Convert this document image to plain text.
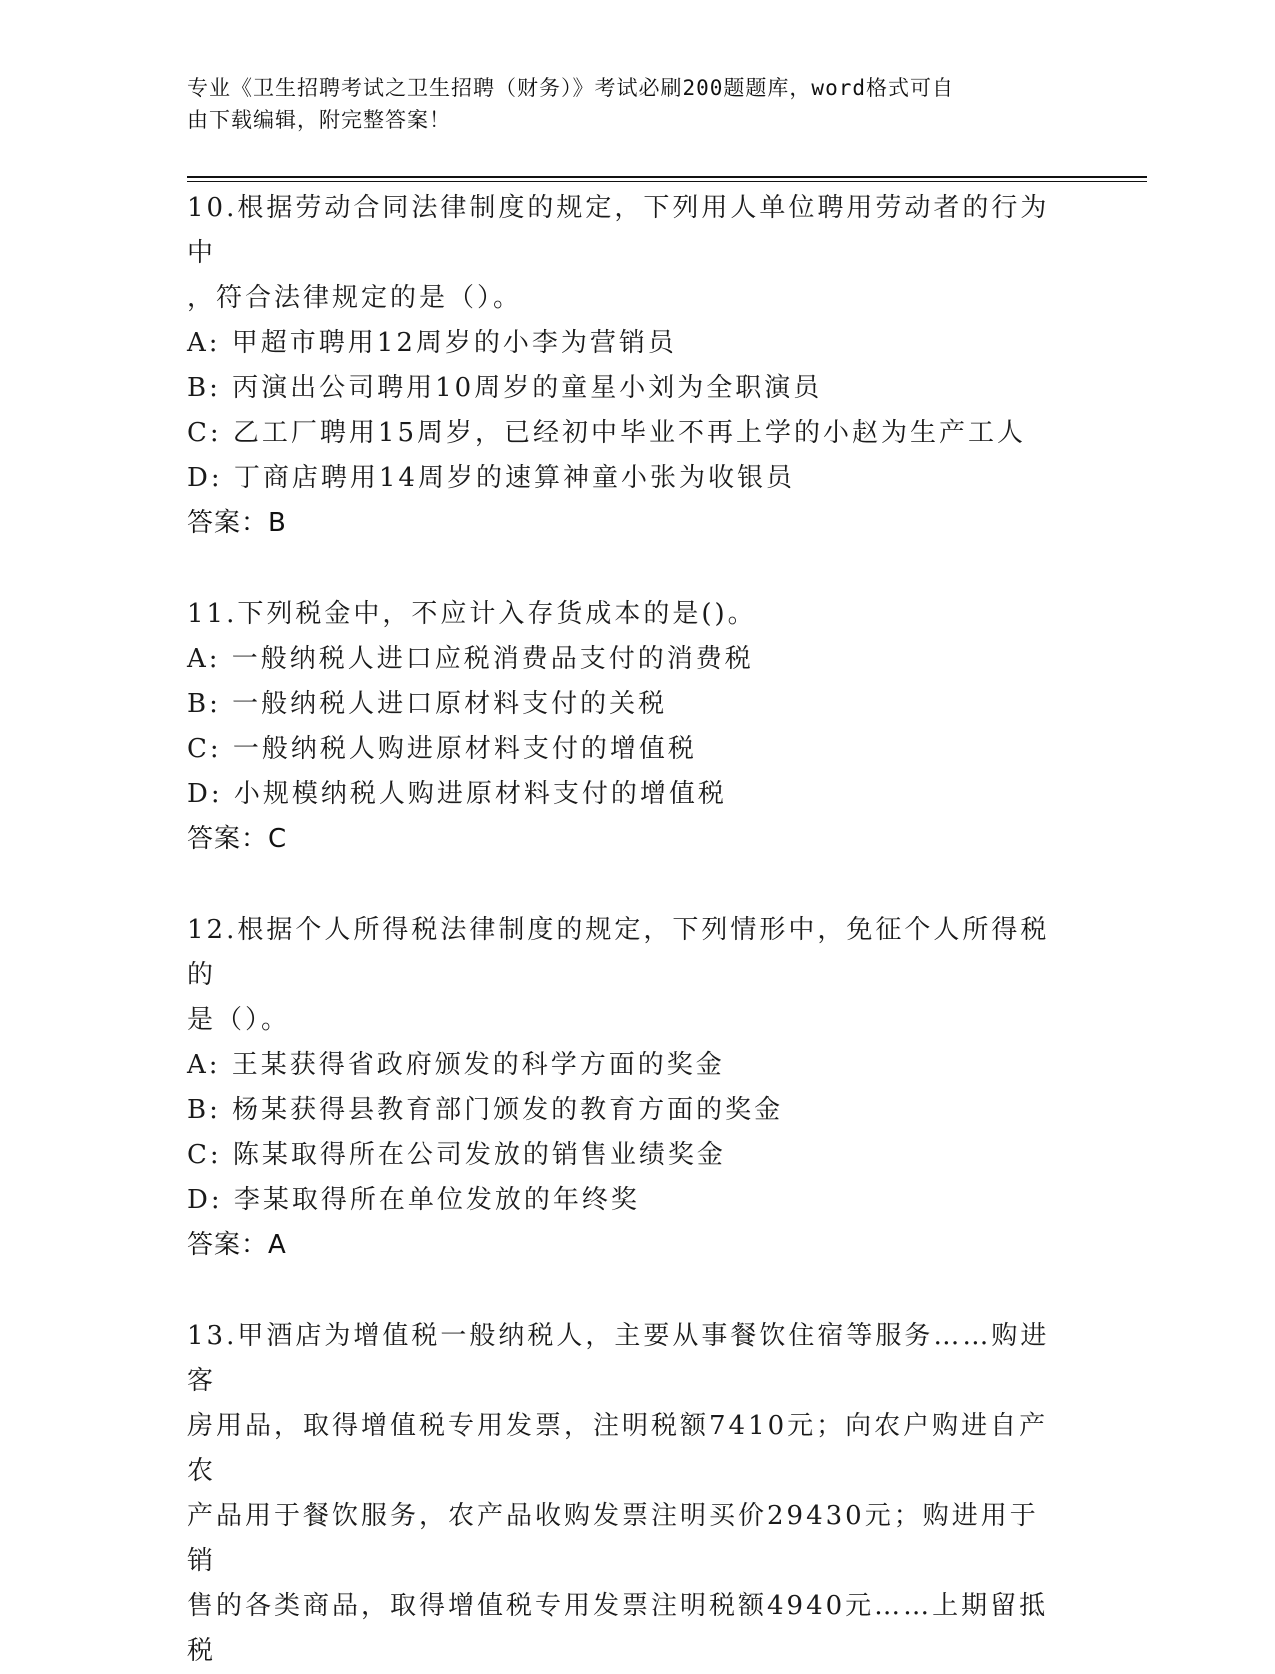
专业《卫生招聘考试之卫生招聘（财务）》考试必刷200题题库，word格式可自
由下载编辑，附完整答案！
10.根据劳动合同法律制度的规定，下列用人单位聘用劳动者的行为中
，符合法律规定的是（）。
A: 甲超市聘用12周岁的小李为营销员
B: 丙演出公司聘用10周岁的童星小刘为全职演员
C: 乙工厂聘用15周岁，已经初中毕业不再上学的小赵为生产工人
D: 丁商店聘用14周岁的速算神童小张为收银员
答案：B
11.下列税金中，不应计入存货成本的是()。
A: 一般纳税人进口应税消费品支付的消费税
B: 一般纳税人进口原材料支付的关税
C: 一般纳税人购进原材料支付的增值税
D: 小规模纳税人购进原材料支付的增值税
答案：C
12.根据个人所得税法律制度的规定，下列情形中，免征个人所得税的
是（）。
A: 王某获得省政府颁发的科学方面的奖金
B: 杨某获得县教育部门颁发的教育方面的奖金
C: 陈某取得所在公司发放的销售业绩奖金
D: 李某取得所在单位发放的年终奖
答案：A
13.甲酒店为增值税一般纳税人，主要从事餐饮住宿等服务……购进客
房用品，取得增值税专用发票，注明税额7410元；向农户购进自产农
产品用于餐饮服务，农产品收购发票注明买价29430元；购进用于销
售的各类商品，取得增值税专用发票注明税额4940元……上期留抵税
